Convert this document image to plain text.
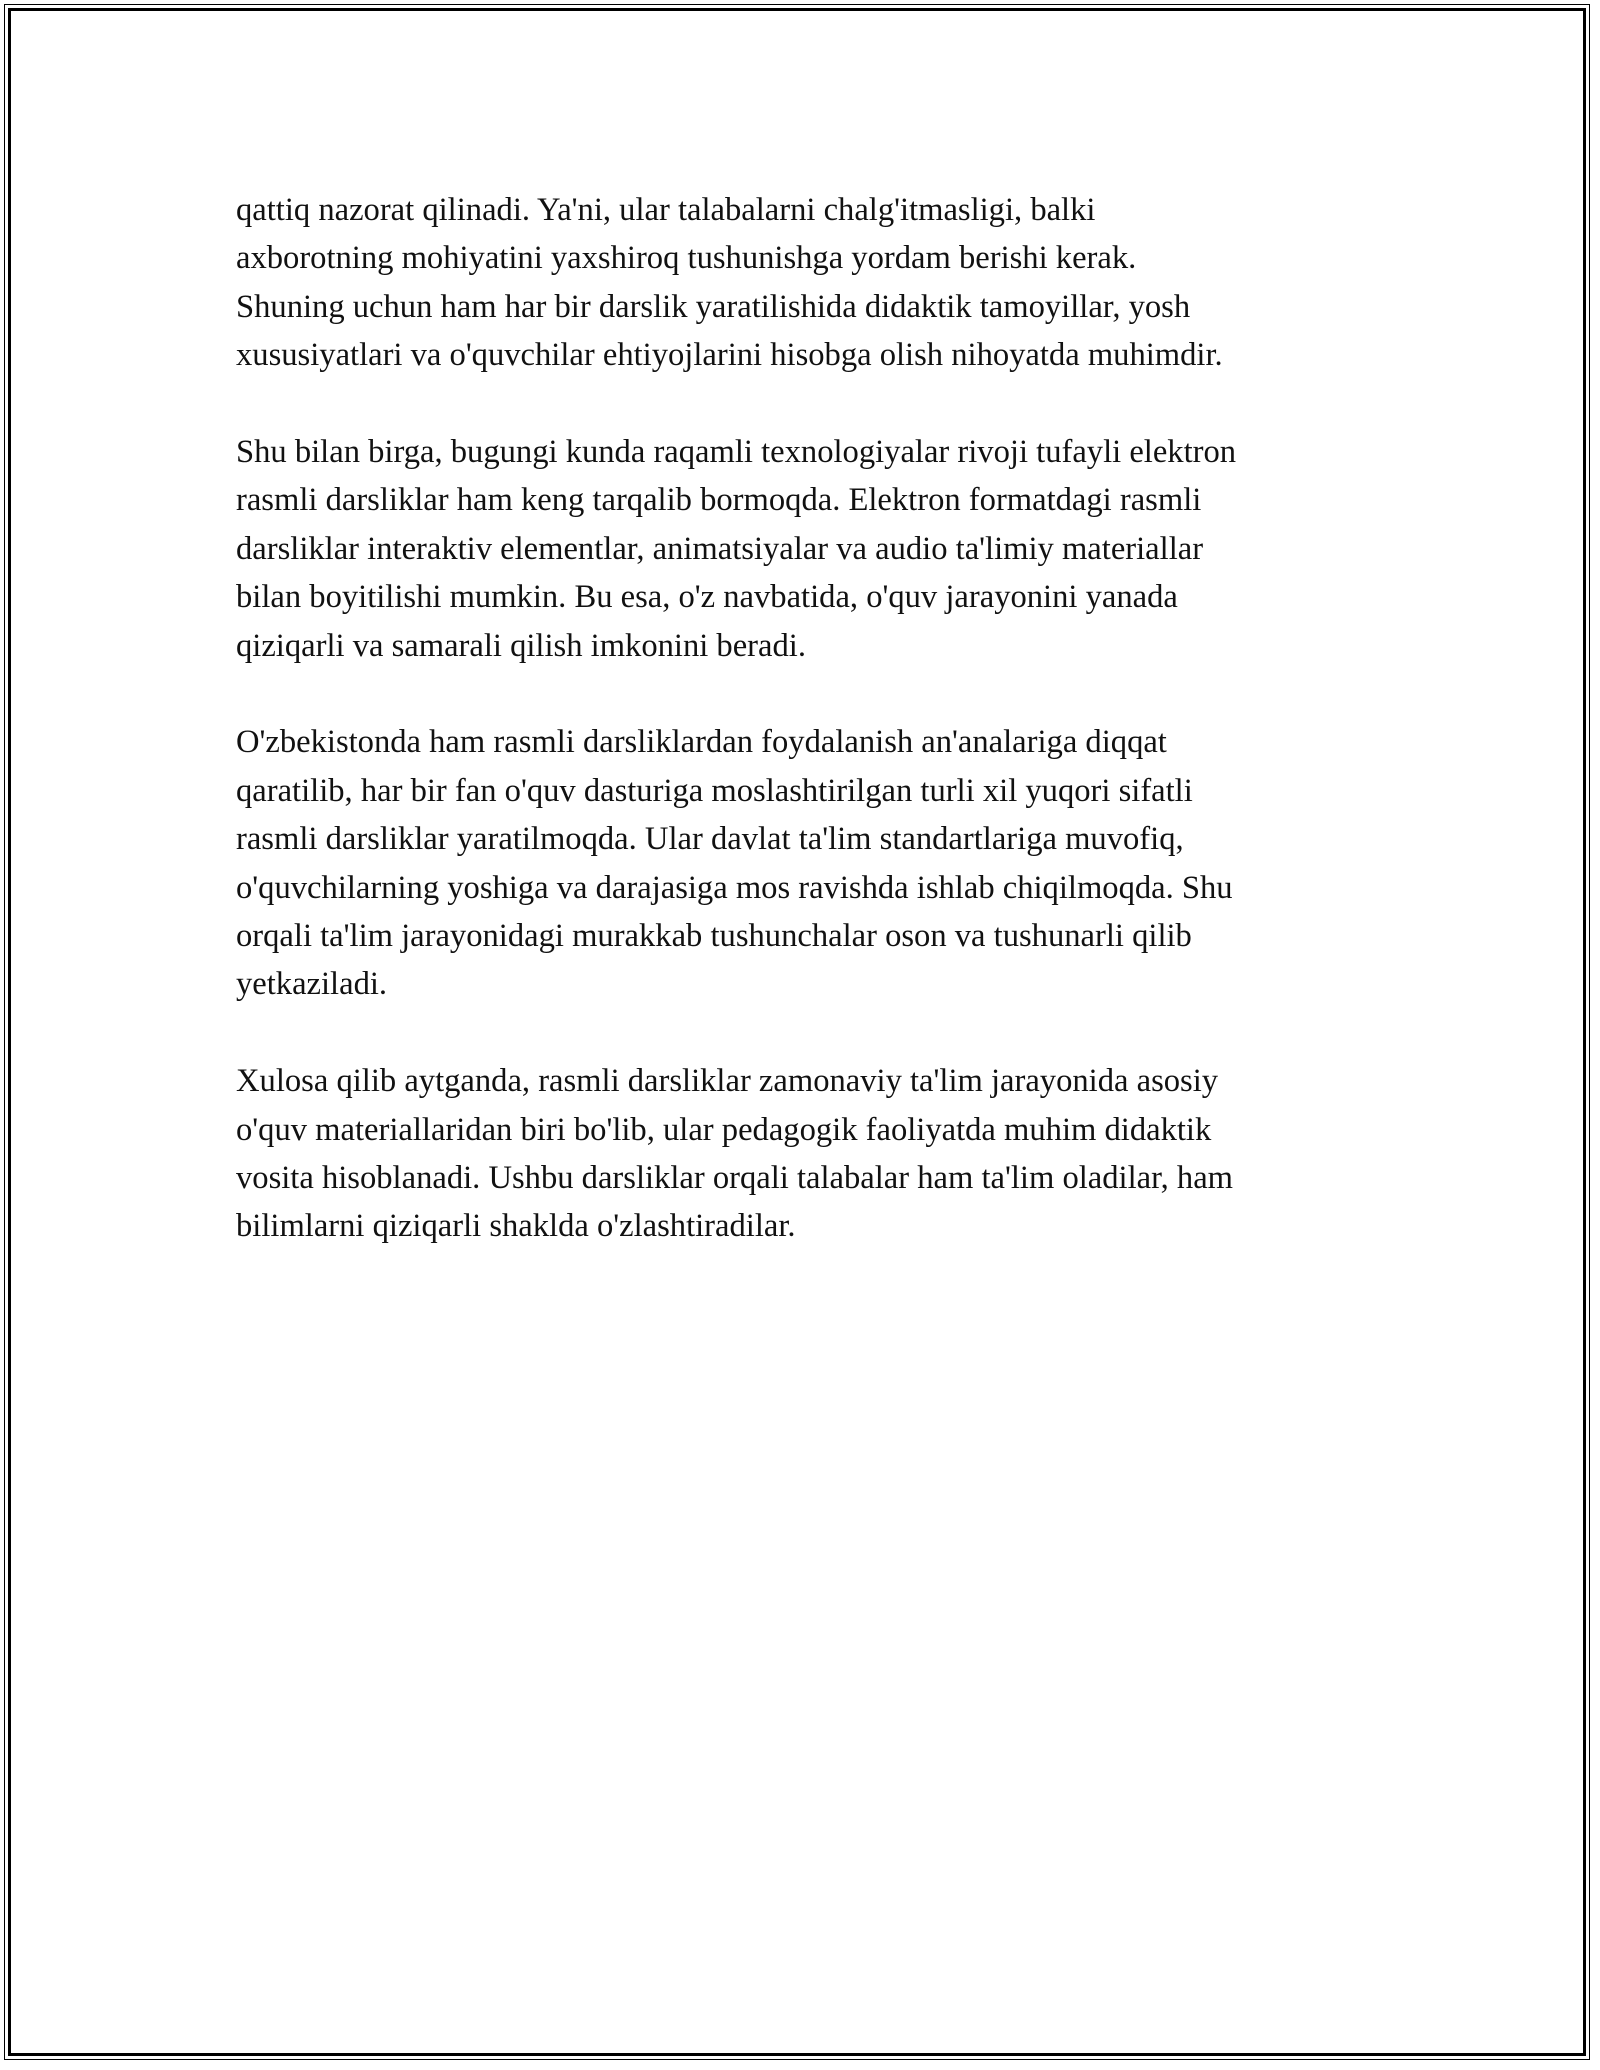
qattiq nazorat qilinadi. Ya'ni, ular talabalarni chalg'itmasligi, balki
axborotning mohiyatini yaxshiroq tushunishga yordam berishi kerak.
Shuning uchun ham har bir darslik yaratilishida didaktik tamoyillar, yosh
xususiyatlari va o'quvchilar ehtiyojlarini hisobga olish nihoyatda muhimdir.

Shu bilan birga, bugungi kunda raqamli texnologiyalar rivoji tufayli elektron
rasmli darsliklar ham keng tarqalib bormoqda. Elektron formatdagi rasmli
darsliklar interaktiv elementlar, animatsiyalar va audio ta'limiy materiallar
bilan boyitilishi mumkin. Bu esa, o'z navbatida, o'quv jarayonini yanada
qiziqarli va samarali qilish imkonini beradi.

O'zbekistonda ham rasmli darsliklardan foydalanish an'analariga diqqat
qaratilib, har bir fan o'quv dasturiga moslashtirilgan turli xil yuqori sifatli
rasmli darsliklar yaratilmoqda. Ular davlat ta'lim standartlariga muvofiq,
o'quvchilarning yoshiga va darajasiga mos ravishda ishlab chiqilmoqda. Shu
orqali ta'lim jarayonidagi murakkab tushunchalar oson va tushunarli qilib
yetkaziladi.

Xulosa qilib aytganda, rasmli darsliklar zamonaviy ta'lim jarayonida asosiy
o'quv materiallaridan biri bo'lib, ular pedagogik faoliyatda muhim didaktik
vosita hisoblanadi. Ushbu darsliklar orqali talabalar ham ta'lim oladilar, ham
bilimlarni qiziqarli shaklda o'zlashtiradilar.
